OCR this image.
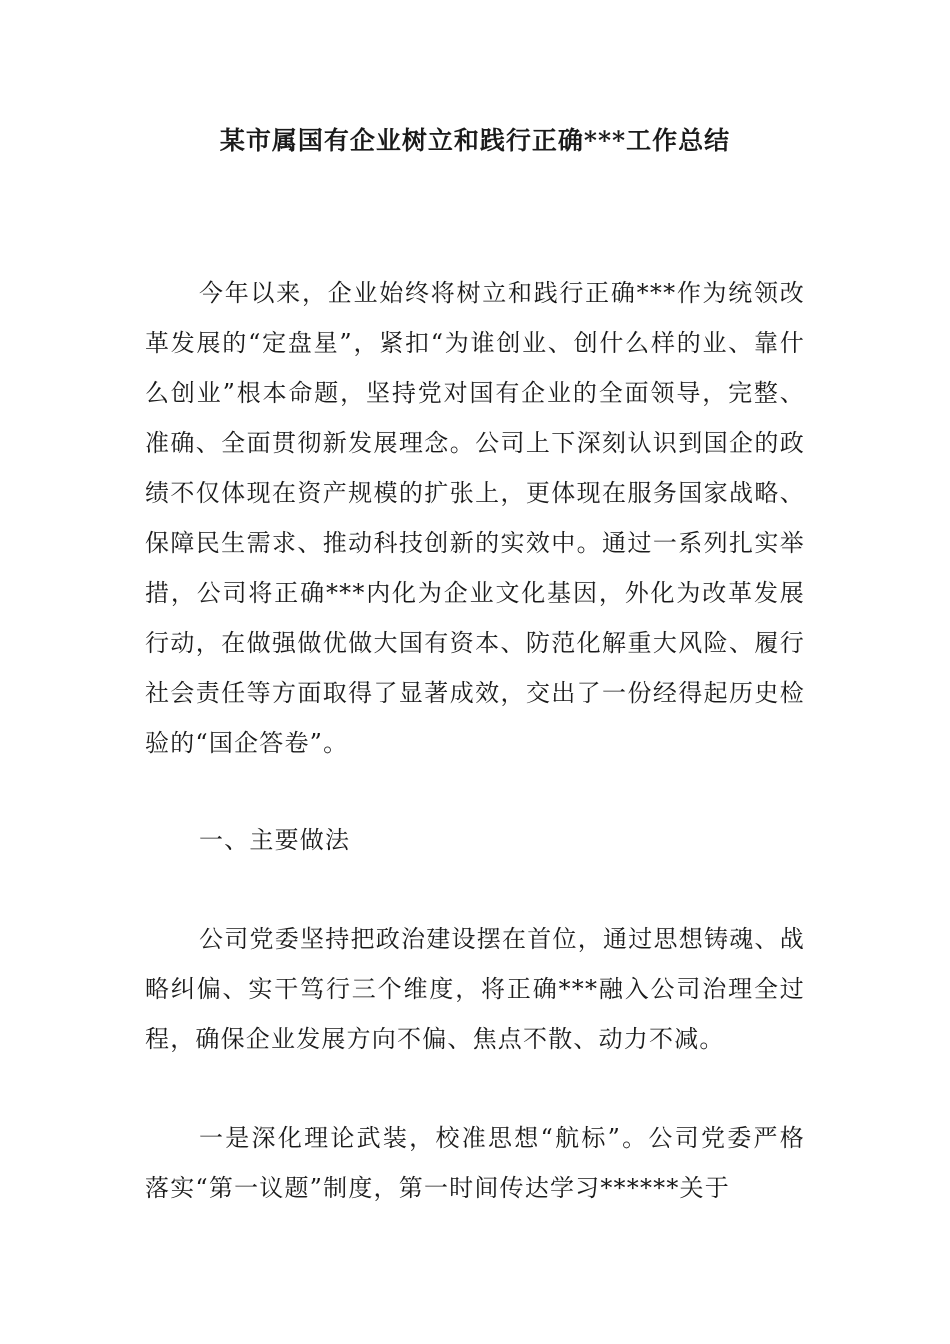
某市属国有企业树立和践行正确***工作总结

今年以来，企业始终将树立和践行正确***作为统领改革发展的“定盘星”，紧扣“为谁创业、创什么样的业、靠什么创业”根本命题，坚持党对国有企业的全面领导，完整、准确、全面贯彻新发展理念。公司上下深刻认识到国企的政绩不仅体现在资产规模的扩张上，更体现在服务国家战略、保障民生需求、推动科技创新的实效中。通过一系列扎实举措，公司将正确***内化为企业文化基因，外化为改革发展行动，在做强做优做大国有资本、防范化解重大风险、履行社会责任等方面取得了显著成效，交出了一份经得起历史检验的“国企答卷”。

一、主要做法

公司党委坚持把政治建设摆在首位，通过思想铸魂、战略纠偏、实干笃行三个维度，将正确***融入公司治理全过程，确保企业发展方向不偏、焦点不散、动力不减。

一是深化理论武装，校准思想“航标”。公司党委严格落实“第一议题”制度，第一时间传达学习******关于
